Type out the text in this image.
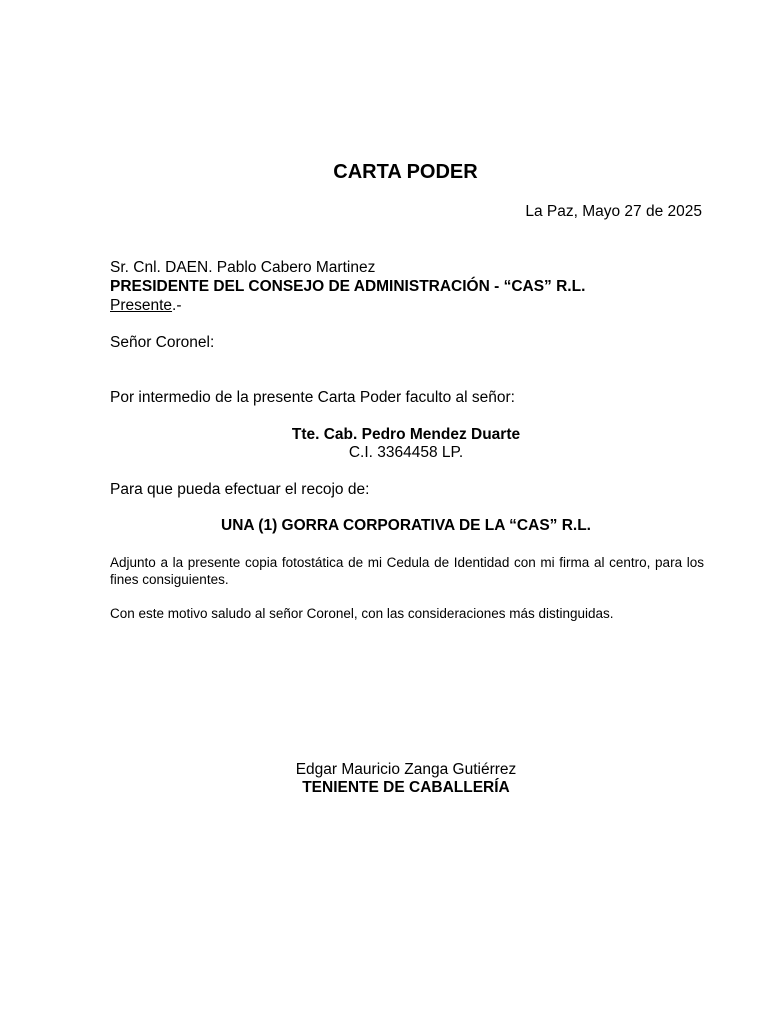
CARTA PODER

La Paz, Mayo 27 de 2025

Sr. Cnl. DAEN. Pablo Cabero Martinez

PRESIDENTE DEL CONSEJO DE ADMINISTRACIÓN - “CAS” R.L.

Presente.-

Señor Coronel:

Por intermedio de la presente Carta Poder faculto al señor:

Tte. Cab. Pedro Mendez Duarte

C.I. 3364458 LP.

Para que pueda efectuar el recojo de:

UNA (1) GORRA CORPORATIVA DE LA “CAS” R.L.

Adjunto a la presente copia fotostática de mi Cedula de Identidad con mi firma al centro, para los fines consiguientes.

Con este motivo saludo al señor Coronel, con las consideraciones más distinguidas.

Edgar Mauricio Zanga Gutiérrez

TENIENTE DE CABALLERÍA
